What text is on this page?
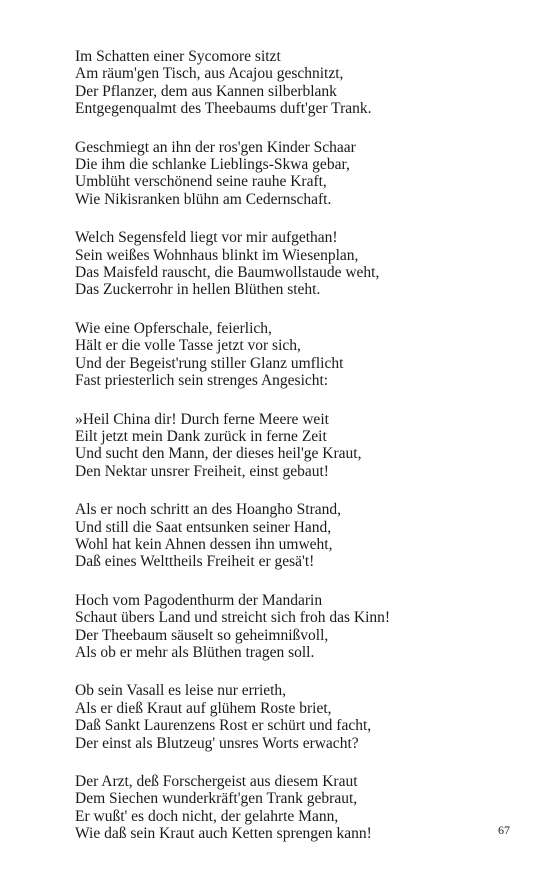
Im Schatten einer Sycomore sitzt
Am räum'gen Tisch, aus Acajou geschnitzt,
Der Pflanzer, dem aus Kannen silberblank
Entgegenqualmt des Theebaums duft'ger Trank.
Geschmiegt an ihn der ros'gen Kinder Schaar
Die ihm die schlanke Lieblings-Skwa gebar,
Umblüht verschönend seine rauhe Kraft,
Wie Nikisranken blühn am Cedernschaft.
Welch Segensfeld liegt vor mir aufgethan!
Sein weißes Wohnhaus blinkt im Wiesenplan,
Das Maisfeld rauscht, die Baumwollstaude weht,
Das Zuckerrohr in hellen Blüthen steht.
Wie eine Opferschale, feierlich,
Hält er die volle Tasse jetzt vor sich,
Und der Begeist'rung stiller Glanz umflicht
Fast priesterlich sein strenges Angesicht:
»Heil China dir! Durch ferne Meere weit
Eilt jetzt mein Dank zurück in ferne Zeit
Und sucht den Mann, der dieses heil'ge Kraut,
Den Nektar unsrer Freiheit, einst gebaut!
Als er noch schritt an des Hoangho Strand,
Und still die Saat entsunken seiner Hand,
Wohl hat kein Ahnen dessen ihn umweht,
Daß eines Welttheils Freiheit er gesä't!
Hoch vom Pagodenthurm der Mandarin
Schaut übers Land und streicht sich froh das Kinn!
Der Theebaum säuselt so geheimnißvoll,
Als ob er mehr als Blüthen tragen soll.
Ob sein Vasall es leise nur errieth,
Als er dieß Kraut auf glühem Roste briet,
Daß Sankt Laurenzens Rost er schürt und facht,
Der einst als Blutzeug' unsres Worts erwacht?
Der Arzt, deß Forschergeist aus diesem Kraut
Dem Siechen wunderkräft'gen Trank gebraut,
Er wußt' es doch nicht, der gelahrte Mann,
Wie daß sein Kraut auch Ketten sprengen kann!	67
